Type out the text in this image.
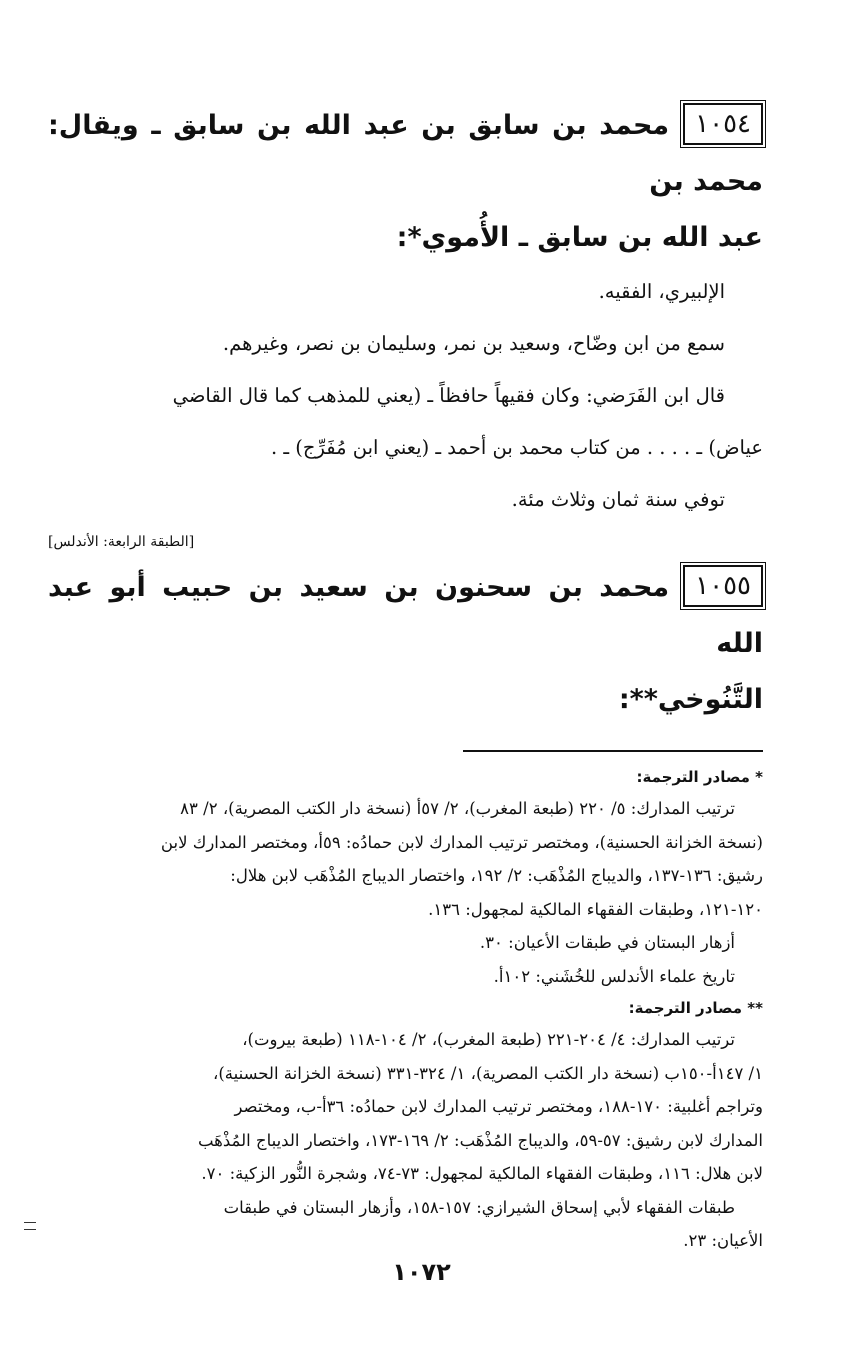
١٠٥٤محمد بن سابق بن عبد الله بن سابق ـ ويقال: محمد بن
عبد الله بن سابق ـ الأُموي*:

الإلبيري، الفقيه.

سمع من ابن وضّاح، وسعيد بن نمر، وسليمان بن نصر، وغيرهم.

قال ابن الفَرَضي: وكان فقيهاً حافظاً ـ (يعني للمذهب كما قال القاضي

عياض) ـ . . . . من كتاب محمد بن أحمد ـ (يعني ابن مُفَرِّج) ـ .

توفي سنة ثمان وثلاث مئة.

[الطبقة الرابعة: الأندلس]
١٠٥٥محمد بن سحنون بن سعيد بن حبيب أبو عبد الله
التَّنُوخي**:
* مصادر الترجمة:

ترتيب المدارك: ٥/ ٢٢٠ (طبعة المغرب)، ٢/ ٥٧أ (نسخة دار الكتب المصرية)، ٢/ ٨٣

(نسخة الخزانة الحسنية)، ومختصر ترتيب المدارك لابن حمادُه: ٥٩أ، ومختصر المدارك لابن

رشيق: ١٣٦-١٣٧، والديباج المُذْهَب: ٢/ ١٩٢، واختصار الديباج المُذْهَب لابن هلال:

١٢٠-١٢١، وطبقات الفقهاء المالكية لمجهول: ١٣٦.

أزهار البستان في طبقات الأعيان: ٣٠.

تاريخ علماء الأندلس للخُشَني: ١٠٢أ.

** مصادر الترجمة:

ترتيب المدارك: ٤/ ٢٠٤-٢٢١ (طبعة المغرب)، ٢/ ١٠٤-١١٨ (طبعة بيروت)،

١/ ١٤٧أ-١٥٠ب (نسخة دار الكتب المصرية)، ١/ ٣٢٤-٣٣١ (نسخة الخزانة الحسنية)،

وتراجم أغلبية: ١٧٠-١٨٨، ومختصر ترتيب المدارك لابن حمادُه: ٣٦أ-ب، ومختصر

المدارك لابن رشيق: ٥٧-٥٩، والديباج المُذْهَب: ٢/ ١٦٩-١٧٣، واختصار الديباج المُذْهَب

لابن هلال: ١١٦، وطبقات الفقهاء المالكية لمجهول: ٧٣-٧٤، وشجرة النُّور الزكية: ٧٠.

طبقات الفقهاء لأبي إسحاق الشيرازي: ١٥٧-١٥٨، وأزهار البستان في طبقات

الأعيان: ٢٣.

١٠٧٢
